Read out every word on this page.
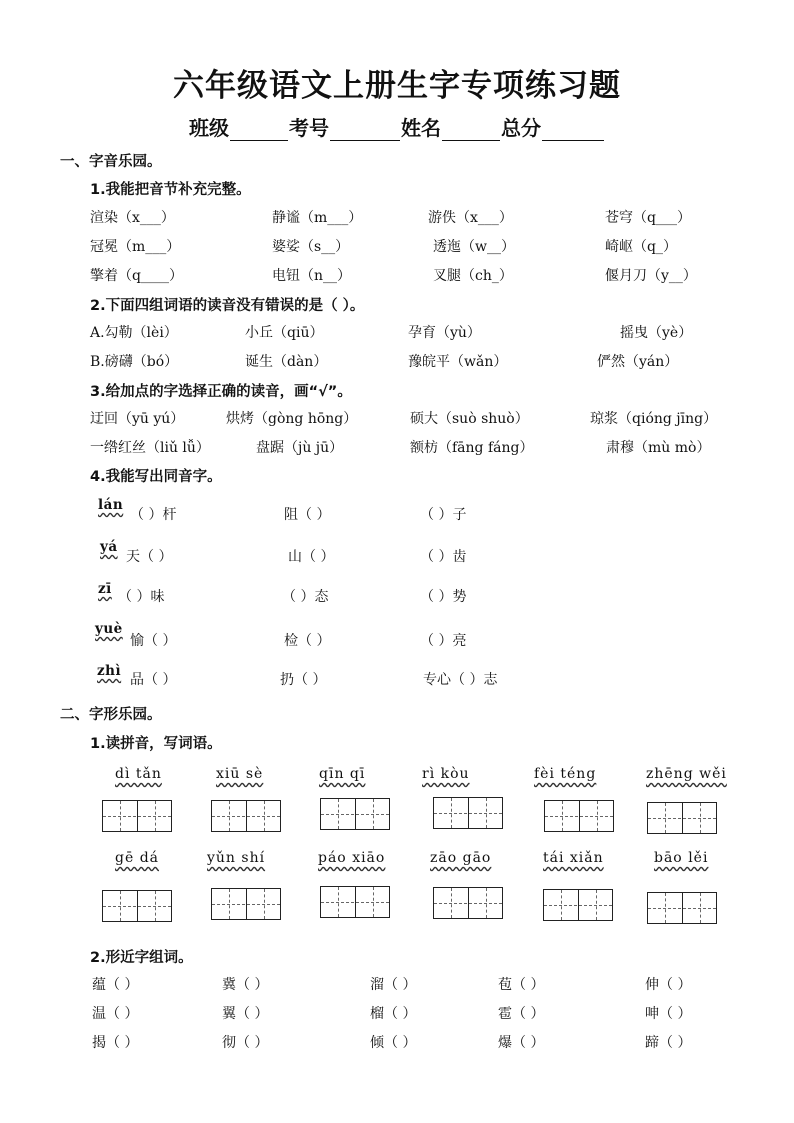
六年级语文上册生字专项练习题
班级	考号	姓名	总分
一、字音乐园。
1.我能把音节补充完整。
渲染（x___）	静谧（m___）	游佚（x___）	苍穹（q___）
冠冕（m___）	婆娑（s__）	透迤（w__）	崎岖（q_）
擎着（q____）	电钮（n__）	叉腿（ch_）	偃月刀（y__）
2.下面四组词语的读音没有错误的是（ ）。
A.勾勒（lèi）	小丘（qiū）	孕育（yù）	摇曳（yè）
B.磅礴（bó）	诞生（dàn）	豫皖平（wǎn）	俨然（yán）
3.给加点的字选择正确的读音，画“√”。
迂回（yū yú）	烘烤（gòng hōng）	硕大（suò shuò）	琼浆（qióng jīng）
一绺红丝（liǔ lǚ）	盘踞（jù jū）	额枋（fāng fáng）	肃穆（mù mò）
4.我能写出同音字。
lán
（ ）杆	阻（ ）	（ ）子
yá
天（ ）	山（ ）	（ ）齿
zī （ ）味	（ ）态	（ ）势
yuè
愉（ ）	检（ ）	（ ）亮
zhì
品（ ）	扔（ ）	专心（ ）志
二、字形乐园。
1.读拼音，写词语。
dì tǎn	xiū sè	qīn qī	rì kòu	fèi téng	zhēng wěi
gē dá	yǔn shí	páo xiāo	zāo gāo	tái xiǎn	bāo lěi
2.形近字组词。
蕴（ ）	冀（ ）	溜（ ）	苞（ ）	伸（ ）
温（ ）	翼（ ）	榴（ ）	雹（ ）	呻（ ）
揭（ ）	彻（ ）	倾（ ）	爆（ ）	蹄（ ）
